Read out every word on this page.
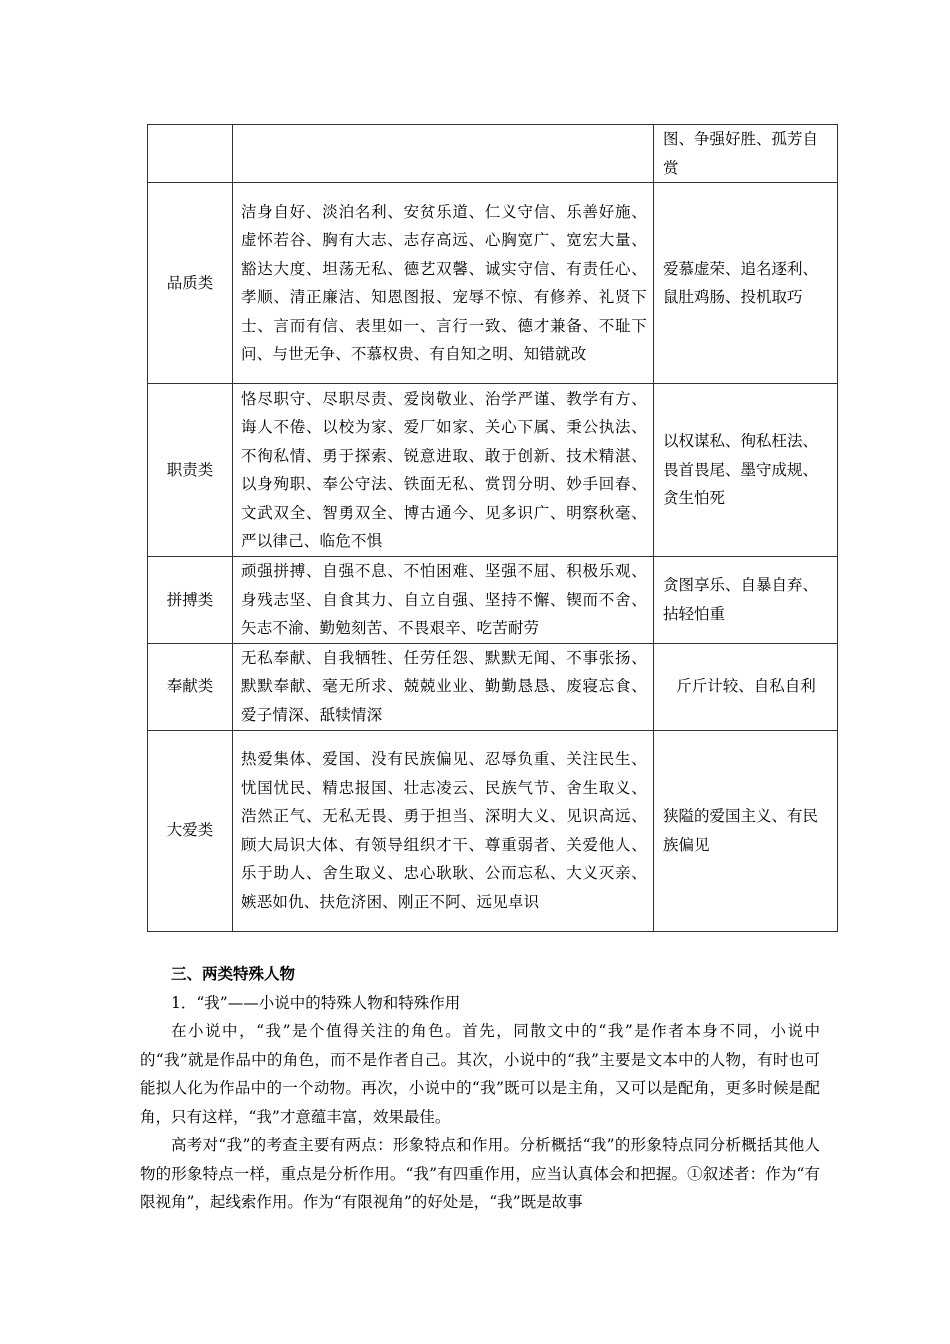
		图、争强好胜、孤芳自赏
品质类	洁身自好、淡泊名利、安贫乐道、仁义守信、乐善好施、虚怀若谷、胸有大志、志存高远、心胸宽广、宽宏大量、豁达大度、坦荡无私、德艺双馨、诚实守信、有责任心、孝顺、清正廉洁、知恩图报、宠辱不惊、有修养、礼贤下士、言而有信、表里如一、言行一致、德才兼备、不耻下问、与世无争、不慕权贵、有自知之明、知错就改	爱慕虚荣、追名逐利、鼠肚鸡肠、投机取巧
职责类	恪尽职守、尽职尽责、爱岗敬业、治学严谨、教学有方、诲人不倦、以校为家、爱厂如家、关心下属、秉公执法、不徇私情、勇于探索、锐意进取、敢于创新、技术精湛、以身殉职、奉公守法、铁面无私、赏罚分明、妙手回春、文武双全、智勇双全、博古通今、见多识广、明察秋毫、严以律己、临危不惧	以权谋私、徇私枉法、畏首畏尾、墨守成规、贪生怕死
拼搏类	顽强拼搏、自强不息、不怕困难、坚强不屈、积极乐观、身残志坚、自食其力、自立自强、坚持不懈、锲而不舍、矢志不渝、勤勉刻苦、不畏艰辛、吃苦耐劳	贪图享乐、自暴自弃、拈轻怕重
奉献类	无私奉献、自我牺牲、任劳任怨、默默无闻、不事张扬、默默奉献、毫无所求、兢兢业业、勤勤恳恳、废寝忘食、爱子情深、舐犊情深	斤斤计较、自私自利
大爱类	热爱集体、爱国、没有民族偏见、忍辱负重、关注民生、忧国忧民、精忠报国、壮志凌云、民族气节、舍生取义、浩然正气、无私无畏、勇于担当、深明大义、见识高远、顾大局识大体、有领导组织才干、尊重弱者、关爱他人、乐于助人、舍生取义、忠心耿耿、公而忘私、大义灭亲、嫉恶如仇、扶危济困、刚正不阿、远见卓识	狭隘的爱国主义、有民族偏见
三、两类特殊人物
1．“我”——小说中的特殊人物和特殊作用

在小说中，“我”是个值得关注的角色。首先，同散文中的“我”是作者本身不同，小说中的“我”就是作品中的角色，而不是作者自己。其次，小说中的“我”主要是文本中的人物，有时也可能拟人化为作品中的一个动物。再次，小说中的“我”既可以是主角，又可以是配角，更多时候是配角，只有这样，“我”才意蕴丰富，效果最佳。

高考对“我”的考查主要有两点：形象特点和作用。分析概括“我”的形象特点同分析概括其他人物的形象特点一样，重点是分析作用。“我”有四重作用，应当认真体会和把握。①叙述者：作为“有限视角”，起线索作用。作为“有限视角”的好处是，“我”既是故事
